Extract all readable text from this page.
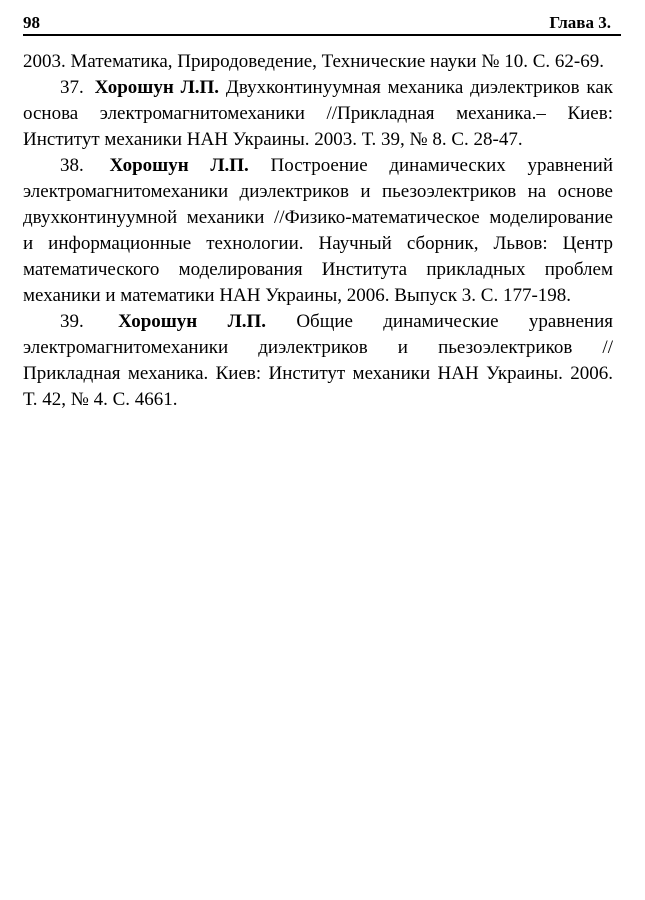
98	Глава 3.

2003. Математика, Природоведение, Технические науки № 10. С. 62-69.

37. Хорошун Л.П. Двухконтинуумная механика диэлектриков как основа электромагнитомеханики //Прикладная механика.– Киев: Институт механики НАН Украины. 2003. Т. 39, № 8. С. 28-47.

38. Хорошун Л.П. Построение динамических уравнений электромагнитомеханики диэлектриков и пьезоэлектриков на основе двухконтинуумной механики //Физико-математическое моделирование и информационные технологии. Научный сборник, Львов: Центр математического моделирования Института прикладных проблем механики и математики НАН Украины, 2006. Выпуск 3. С. 177-198.

39. Хорошун Л.П. Общие динамические уравнения электромагнитомеханики диэлектриков и пьезоэлектриков // Прикладная механика. Киев: Институт механики НАН Украины. 2006. Т. 42, № 4. С. 4661.
